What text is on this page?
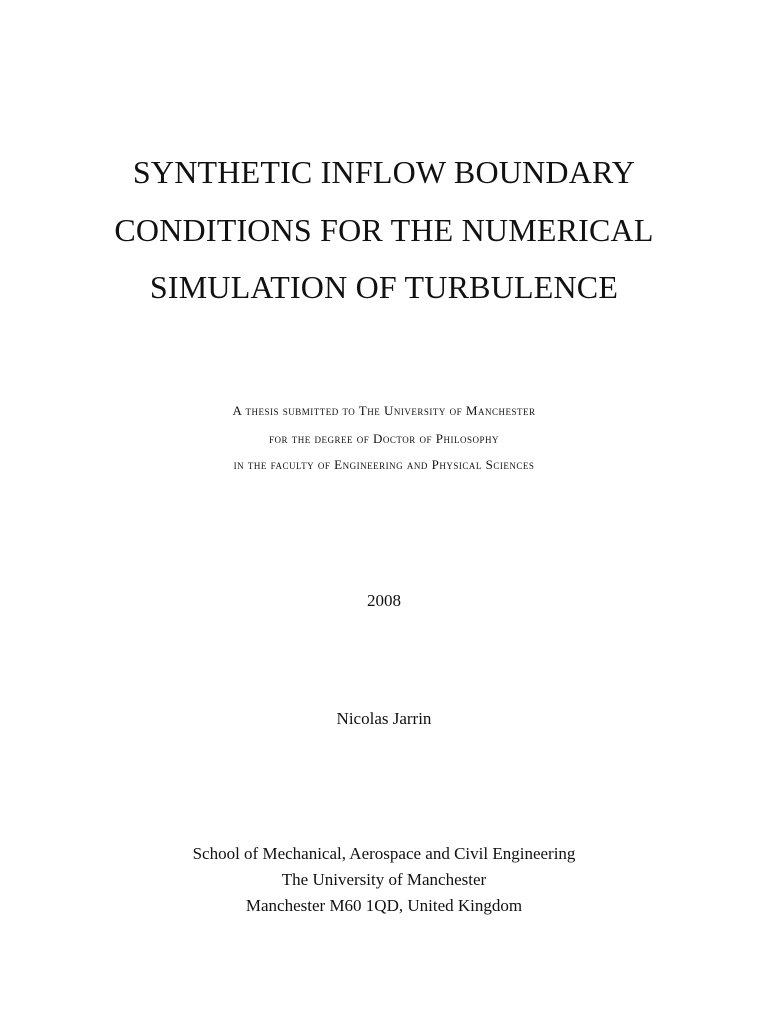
SYNTHETIC INFLOW BOUNDARY
CONDITIONS FOR THE NUMERICAL
SIMULATION OF TURBULENCE
A thesis submitted to The University of Manchester
for the degree of Doctor of Philosophy
in the faculty of Engineering and Physical Sciences
2008
Nicolas Jarrin
School of Mechanical, Aerospace and Civil Engineering
The University of Manchester
Manchester M60 1QD, United Kingdom
